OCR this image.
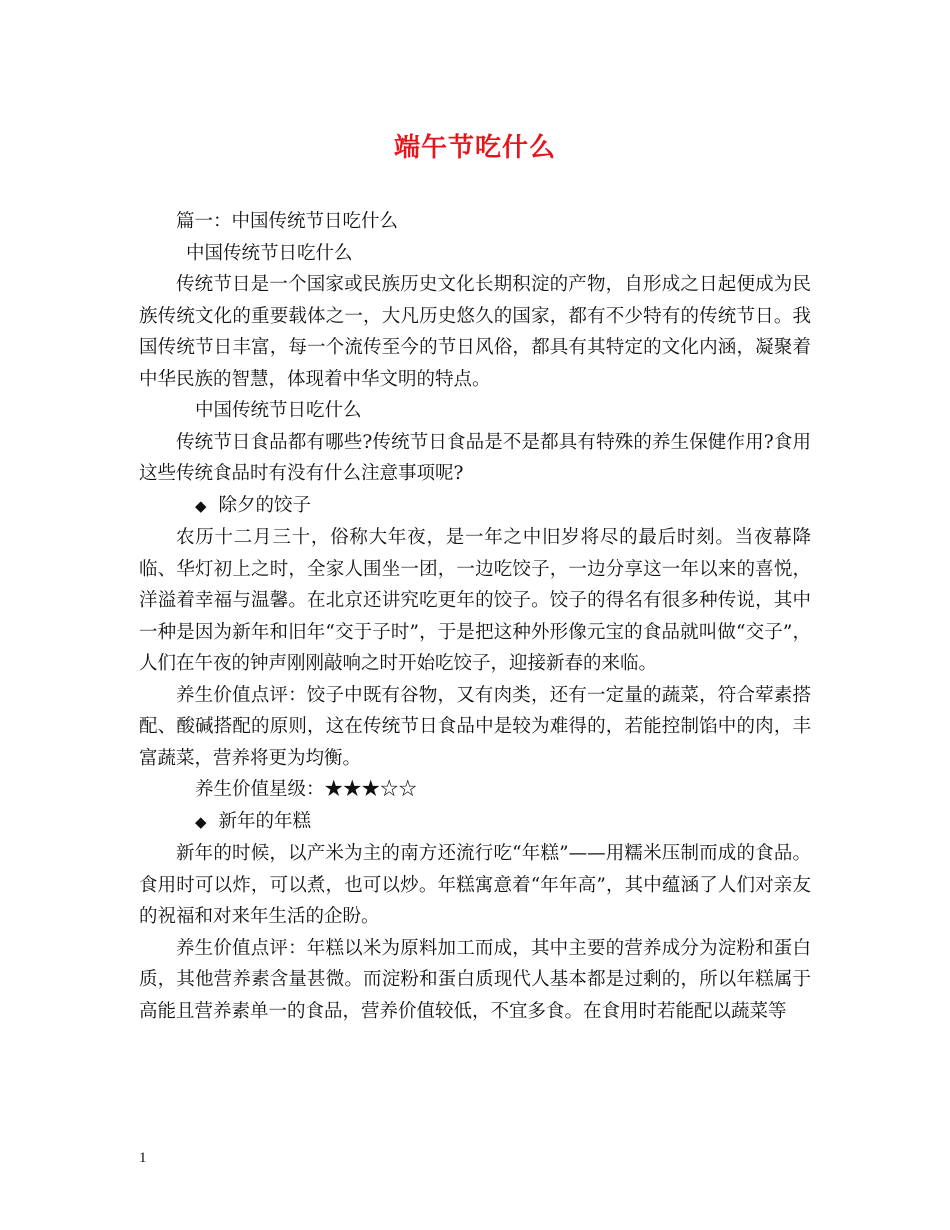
端午节吃什么

篇一：中国传统节日吃什么

中国传统节日吃什么

传统节日是一个国家或民族历史文化长期积淀的产物，自形成之日起便成为民族传统文化的重要载体之一，大凡历史悠久的国家，都有不少特有的传统节日。我国传统节日丰富，每一个流传至今的节日风俗，都具有其特定的文化内涵，凝聚着中华民族的智慧，体现着中华文明的特点。

中国传统节日吃什么

传统节日食品都有哪些?传统节日食品是不是都具有特殊的养生保健作用?食用这些传统食品时有没有什么注意事项呢?

◆ 除夕的饺子

农历十二月三十，俗称大年夜，是一年之中旧岁将尽的最后时刻。当夜幕降临、华灯初上之时，全家人围坐一团，一边吃饺子，一边分享这一年以来的喜悦，洋溢着幸福与温馨。在北京还讲究吃更年的饺子。饺子的得名有很多种传说，其中一种是因为新年和旧年“交于子时”，于是把这种外形像元宝的食品就叫做“交子”，人们在午夜的钟声刚刚敲响之时开始吃饺子，迎接新春的来临。

养生价值点评：饺子中既有谷物，又有肉类，还有一定量的蔬菜，符合荤素搭配、酸碱搭配的原则，这在传统节日食品中是较为难得的，若能控制馅中的肉，丰富蔬菜，营养将更为均衡。

养生价值星级：★★★☆☆

◆ 新年的年糕

新年的时候，以产米为主的南方还流行吃“年糕”——用糯米压制而成的食品。食用时可以炸，可以煮，也可以炒。年糕寓意着“年年高”，其中蕴涵了人们对亲友的祝福和对来年生活的企盼。

养生价值点评：年糕以米为原料加工而成，其中主要的营养成分为淀粉和蛋白质，其他营养素含量甚微。而淀粉和蛋白质现代人基本都是过剩的，所以年糕属于高能且营养素单一的食品，营养价值较低，不宜多食。在食用时若能配以蔬菜等

1
